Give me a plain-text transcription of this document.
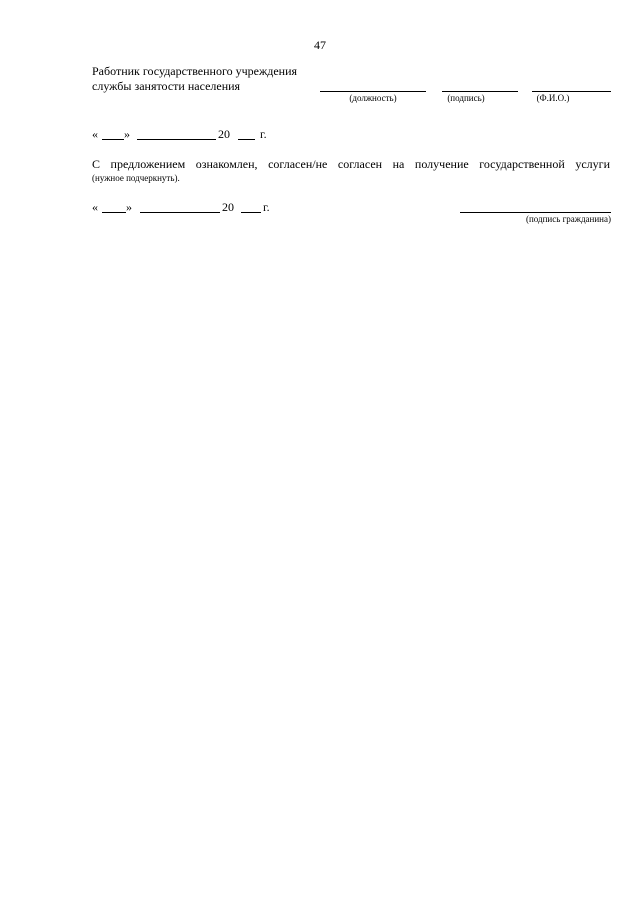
47
Работник государственного учреждения
службы занятости населения
(должность)	(подпись)	(Ф.И.О.)
« »	20	г.
С предложением ознакомлен, согласен/не согласен на получение государственной услуги
(нужное подчеркнуть).
« »	20 г.
(подпись гражданина)
